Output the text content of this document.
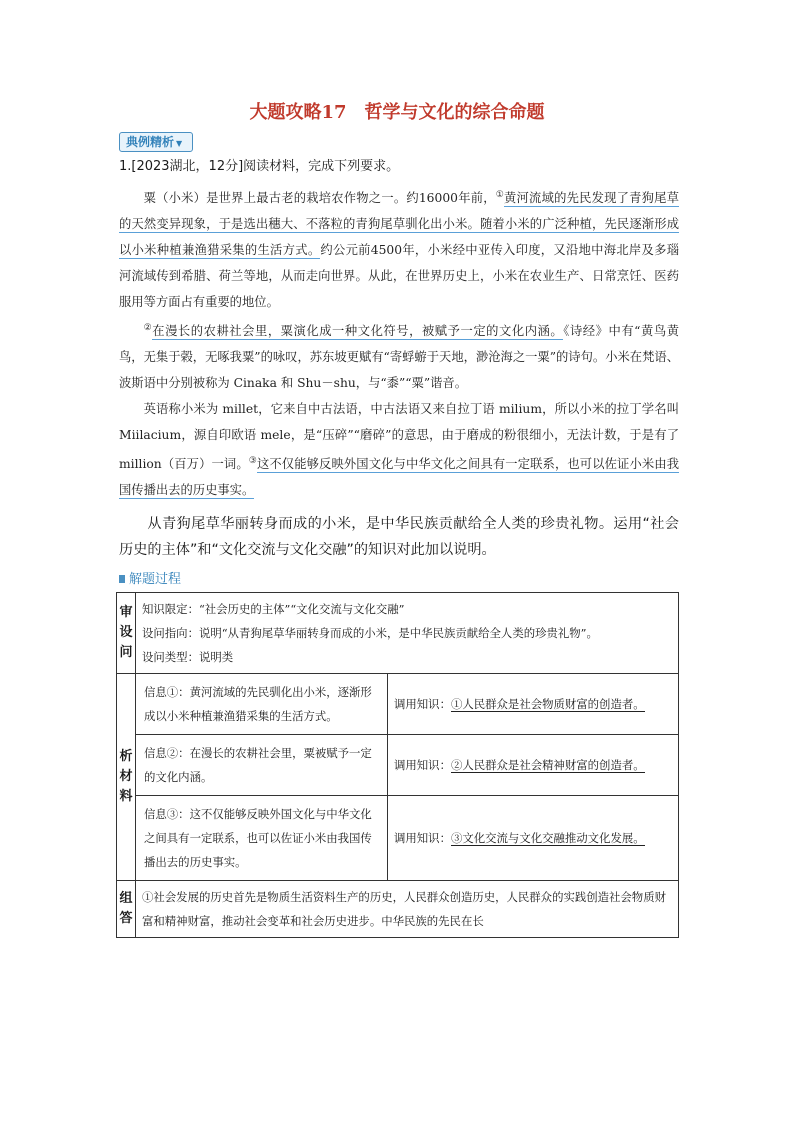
大题攻略17　哲学与文化的综合命题
典例精析 ▼
1.[2023湖北，12分]阅读材料，完成下列要求。

粟（小米）是世界上最古老的栽培农作物之一。约16000年前，①黄河流域的先民发现了青狗尾草的天然变异现象，于是选出穗大、不落粒的青狗尾草驯化出小米。随着小米的广泛种植，先民逐渐形成以小米种植兼渔猎采集的生活方式。约公元前4500年，小米经中亚传入印度，又沿地中海北岸及多瑙河流域传到希腊、荷兰等地，从而走向世界。从此，在世界历史上，小米在农业生产、日常烹饪、医药服用等方面占有重要的地位。

②在漫长的农耕社会里，粟演化成一种文化符号，被赋予一定的文化内涵。《诗经》中有“黄鸟黄鸟，无集于榖，无啄我粟”的咏叹，苏东坡更赋有“寄蜉蝣于天地，渺沧海之一粟”的诗句。小米在梵语、波斯语中分别被称为 Cinaka 和 Shu－shu，与“黍”“粟”谐音。

英语称小米为 millet，它来自中古法语，中古法语又来自拉丁语 milium，所以小米的拉丁学名叫 Miilacium，源自印欧语 mele，是“压碎”“磨碎”的意思，由于磨成的粉很细小，无法计数，于是有了 million（百万）一词。③这不仅能够反映外国文化与中华文化之间具有一定联系，也可以佐证小米由我国传播出去的历史事实。

从青狗尾草华丽转身而成的小米，是中华民族贡献给全人类的珍贵礼物。运用“社会历史的主体”和“文化交流与文化交融”的知识对此加以说明。
解题过程
审设问	知识限定：“社会历史的主体”“文化交流与文化交融”
设问指向：说明“从青狗尾草华丽转身而成的小米，是中华民族贡献给全人类的珍贵礼物”。
设问类型：说明类	

析材料	信息①：黄河流域的先民驯化出小米，逐渐形成以小米种植兼渔猎采集的生活方式。	调用知识：①人民群众是社会物质财富的创造者。
	信息②：在漫长的农耕社会里，粟被赋予一定的文化内涵。	调用知识：②人民群众是社会精神财富的创造者。
	信息③：这不仅能够反映外国文化与中华文化之间具有一定联系，也可以佐证小米由我国传播出去的历史事实。	调用知识：③文化交流与文化交融推动文化发展。
组答	①社会发展的历史首先是物质生活资料生产的历史，人民群众创造历史，人民群众的实践创造社会物质财富和精神财富，推动社会变革和社会历史进步。中华民族的先民在长	
